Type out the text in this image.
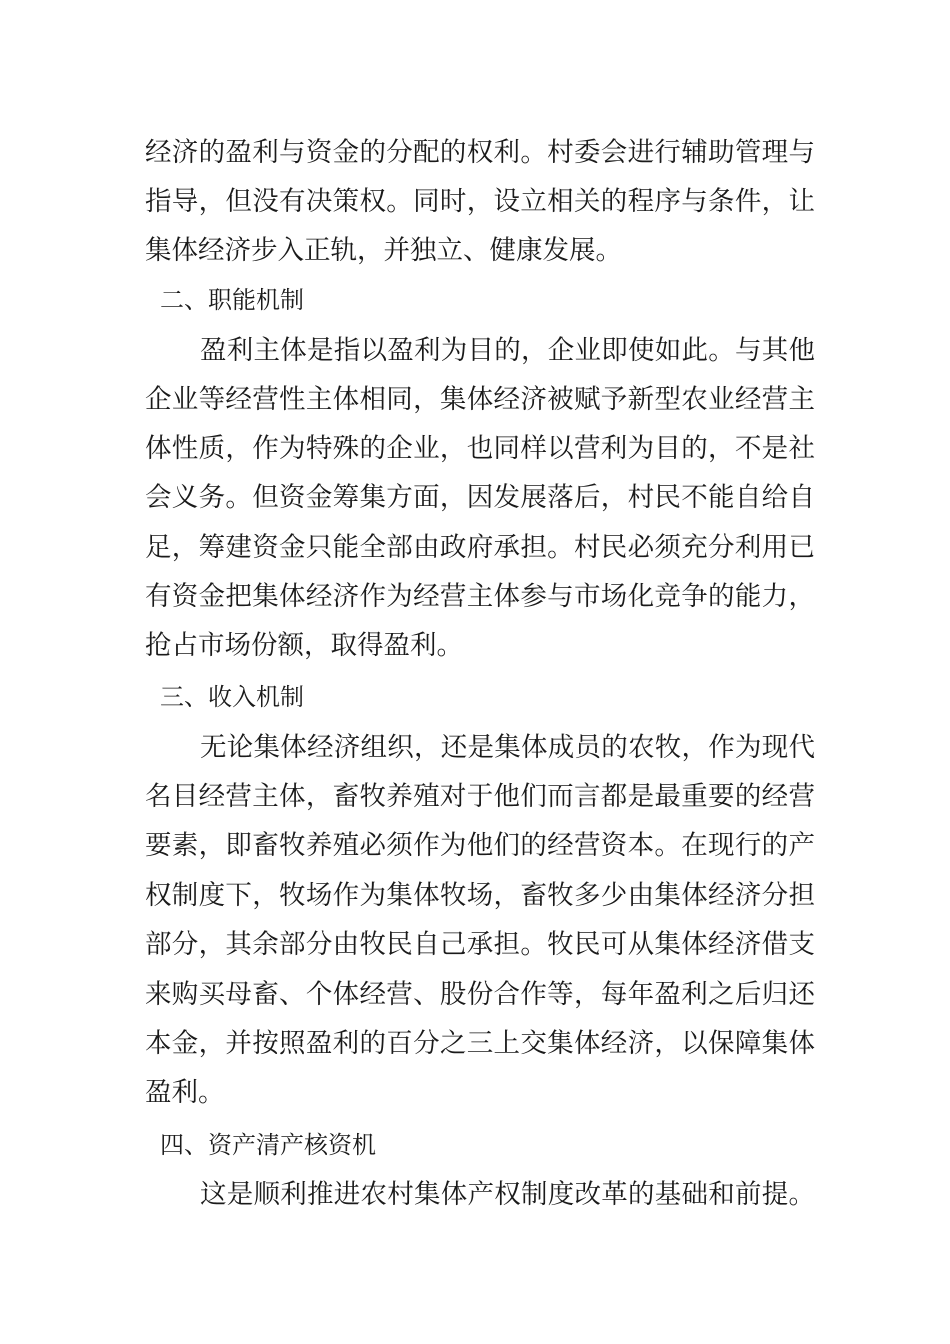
经济的盈利与资金的分配的权利。村委会进行辅助管理与
指导，但没有决策权。同时，设立相关的程序与条件，让
集体经济步入正轨，并独立、健康发展。
二、职能机制
盈利主体是指以盈利为目的，企业即使如此。与其他
企业等经营性主体相同，集体经济被赋予新型农业经营主
体性质，作为特殊的企业，也同样以营利为目的，不是社
会义务。但资金筹集方面，因发展落后，村民不能自给自
足，筹建资金只能全部由政府承担。村民必须充分利用已
有资金把集体经济作为经营主体参与市场化竞争的能力，
抢占市场份额，取得盈利。
三、收入机制
无论集体经济组织，还是集体成员的农牧，作为现代
名目经营主体，畜牧养殖对于他们而言都是最重要的经营
要素，即畜牧养殖必须作为他们的经营资本。在现行的产
权制度下，牧场作为集体牧场，畜牧多少由集体经济分担
部分，其余部分由牧民自己承担。牧民可从集体经济借支
来购买母畜、个体经营、股份合作等，每年盈利之后归还
本金，并按照盈利的百分之三上交集体经济，以保障集体
盈利。
四、资产清产核资机
这是顺利推进农村集体产权制度改革的基础和前提。
